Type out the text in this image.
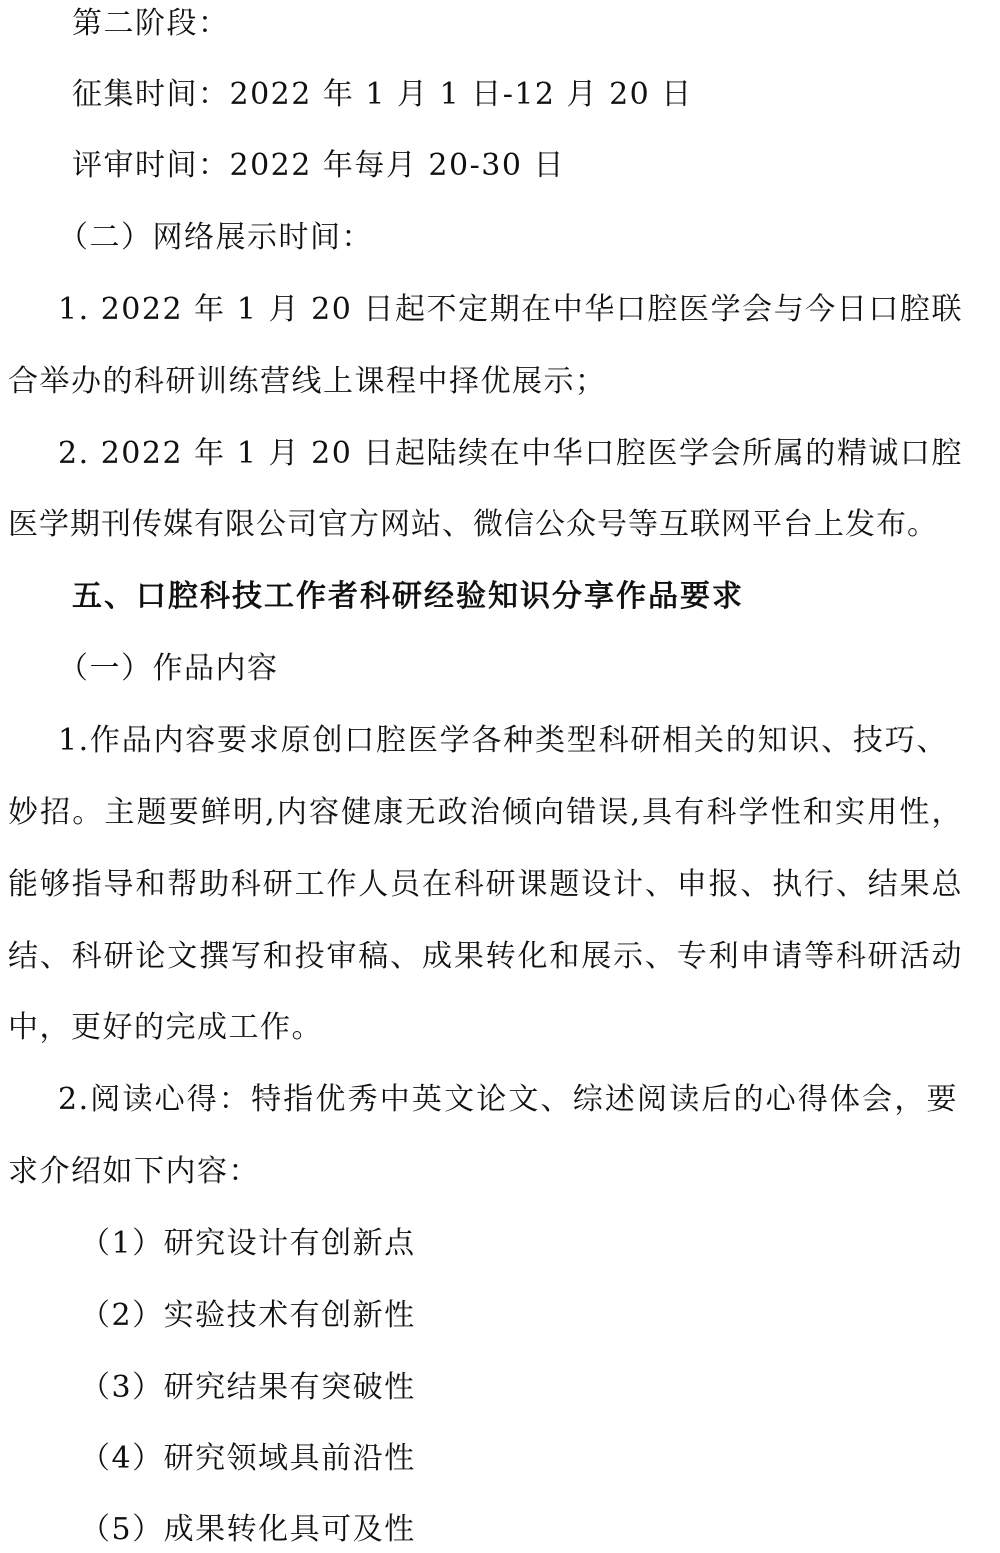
第二阶段：
征集时间：2022 年 1 月 1 日-12 月 20 日
评审时间：2022 年每月 20-30 日
（二）网络展示时间：
1. 2022 年 1 月 20 日起不定期在中华口腔医学会与今日口腔联
合举办的科研训练营线上课程中择优展示；
2. 2022 年 1 月 20 日起陆续在中华口腔医学会所属的精诚口腔
医学期刊传媒有限公司官方网站、微信公众号等互联网平台上发布。
五、口腔科技工作者科研经验知识分享作品要求
（一）作品内容
1.作品内容要求原创口腔医学各种类型科研相关的知识、技巧、
妙招。主题要鲜明,内容健康无政治倾向错误,具有科学性和实用性，
能够指导和帮助科研工作人员在科研课题设计、申报、执行、结果总
结、科研论文撰写和投审稿、成果转化和展示、专利申请等科研活动
中，更好的完成工作。
2.阅读心得：特指优秀中英文论文、综述阅读后的心得体会，要
求介绍如下内容：
（1）研究设计有创新点
（2）实验技术有创新性
（3）研究结果有突破性
（4）研究领域具前沿性
（5）成果转化具可及性
